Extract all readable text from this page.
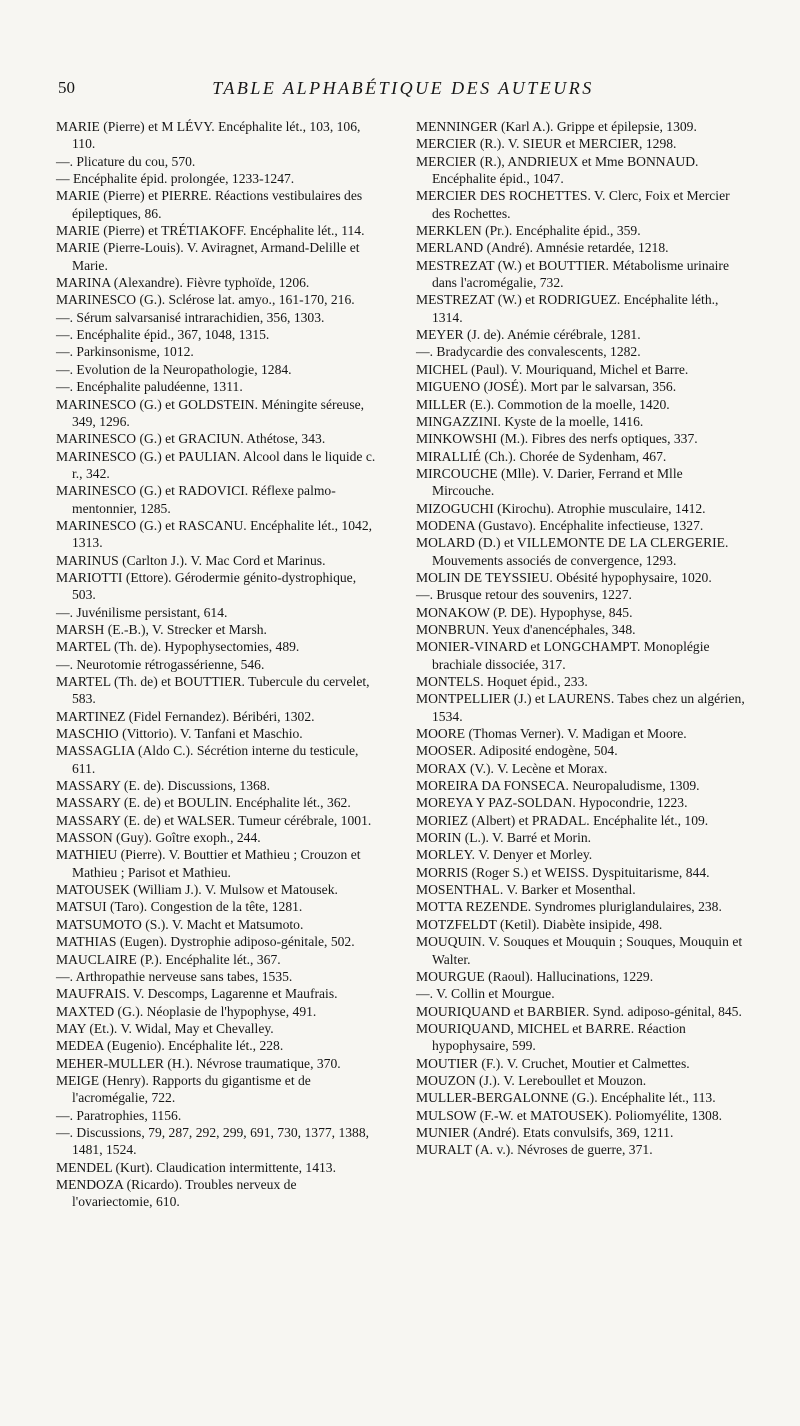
50	TABLE ALPHABÉTIQUE DES AUTEURS

MARIE (Pierre) et M LÉVY. Encéphalite lét., 103, 106, 110.

—. Plicature du cou, 570.

— Encéphalite épid. prolongée, 1233-1247.

MARIE (Pierre) et PIERRE. Réactions vestibulaires des épileptiques, 86.

MARIE (Pierre) et TRÉTIAKOFF. Encéphalite lét., 114.

MARIE (Pierre-Louis). V. Aviragnet, Armand-Delille et Marie.

MARINA (Alexandre). Fièvre typhoïde, 1206.

MARINESCO (G.). Sclérose lat. amyo., 161-170, 216.

—. Sérum salvarsanisé intrarachidien, 356, 1303.

—. Encéphalite épid., 367, 1048, 1315.

—. Parkinsonisme, 1012.

—. Evolution de la Neuropathologie, 1284.

—. Encéphalite paludéenne, 1311.

MARINESCO (G.) et GOLDSTEIN. Méningite séreuse, 349, 1296.

MARINESCO (G.) et GRACIUN. Athétose, 343.

MARINESCO (G.) et PAULIAN. Alcool dans le liquide c. r., 342.

MARINESCO (G.) et RADOVICI. Réflexe palmo-mentonnier, 1285.

MARINESCO (G.) et RASCANU. Encéphalite lét., 1042, 1313.

MARINUS (Carlton J.). V. Mac Cord et Marinus.

MARIOTTI (Ettore). Gérodermie génito-dystrophique, 503.

—. Juvénilisme persistant, 614.

MARSH (E.-B.), V. Strecker et Marsh.

MARTEL (Th. de). Hypophysectomies, 489.

—. Neurotomie rétrogassérienne, 546.

MARTEL (Th. de) et BOUTTIER. Tubercule du cervelet, 583.

MARTINEZ (Fidel Fernandez). Béribéri, 1302.

MASCHIO (Vittorio). V. Tanfani et Maschio.

MASSAGLIA (Aldo C.). Sécrétion interne du testicule, 611.

MASSARY (E. de). Discussions, 1368.

MASSARY (E. de) et BOULIN. Encéphalite lét., 362.

MASSARY (E. de) et WALSER. Tumeur cérébrale, 1001.

MASSON (Guy). Goître exoph., 244.

MATHIEU (Pierre). V. Bouttier et Mathieu ; Crouzon et Mathieu ; Parisot et Mathieu.

MATOUSEK (William J.). V. Mulsow et Matousek.

MATSUI (Taro). Congestion de la tête, 1281.

MATSUMOTO (S.). V. Macht et Matsumoto.

MATHIAS (Eugen). Dystrophie adiposo-génitale, 502.

MAUCLAIRE (P.). Encéphalite lét., 367.

—. Arthropathie nerveuse sans tabes, 1535.

MAUFRAIS. V. Descomps, Lagarenne et Maufrais.

MAXTED (G.). Néoplasie de l'hypophyse, 491.

MAY (Et.). V. Widal, May et Chevalley.

MEDEA (Eugenio). Encéphalite lét., 228.

MEHER-MULLER (H.). Névrose traumatique, 370.

MEIGE (Henry). Rapports du gigantisme et de l'acromégalie, 722.

—. Paratrophies, 1156.

—. Discussions, 79, 287, 292, 299, 691, 730, 1377, 1388, 1481, 1524.

MENDEL (Kurt). Claudication intermittente, 1413.

MENDOZA (Ricardo). Troubles nerveux de l'ovariectomie, 610.

MENNINGER (Karl A.). Grippe et épilepsie, 1309.

MERCIER (R.). V. SIEUR et MERCIER, 1298.

MERCIER (R.), ANDRIEUX et Mme BONNAUD. Encéphalite épid., 1047.

MERCIER DES ROCHETTES. V. Clerc, Foix et Mercier des Rochettes.

MERKLEN (Pr.). Encéphalite épid., 359.

MERLAND (André). Amnésie retardée, 1218.

MESTREZAT (W.) et BOUTTIER. Métabolisme urinaire dans l'acromégalie, 732.

MESTREZAT (W.) et RODRIGUEZ. Encéphalite léth., 1314.

MEYER (J. de). Anémie cérébrale, 1281.

—. Bradycardie des convalescents, 1282.

MICHEL (Paul). V. Mouriquand, Michel et Barre.

MIGUENO (JOSÉ). Mort par le salvarsan, 356.

MILLER (E.). Commotion de la moelle, 1420.

MINGAZZINI. Kyste de la moelle, 1416.

MINKOWSHI (M.). Fibres des nerfs optiques, 337.

MIRALLIÉ (Ch.). Chorée de Sydenham, 467.

MIRCOUCHE (Mlle). V. Darier, Ferrand et Mlle Mircouche.

MIZOGUCHI (Kirochu). Atrophie musculaire, 1412.

MODENA (Gustavo). Encéphalite infectieuse, 1327.

MOLARD (D.) et VILLEMONTE DE LA CLERGERIE. Mouvements associés de convergence, 1293.

MOLIN DE TEYSSIEU. Obésité hypophysaire, 1020.

—. Brusque retour des souvenirs, 1227.

MONAKOW (P. DE). Hypophyse, 845.

MONBRUN. Yeux d'anencéphales, 348.

MONIER-VINARD et LONGCHAMPT. Monoplégie brachiale dissociée, 317.

MONTELS. Hoquet épid., 233.

MONTPELLIER (J.) et LAURENS. Tabes chez un algérien, 1534.

MOORE (Thomas Verner). V. Madigan et Moore.

MOOSER. Adiposité endogène, 504.

MORAX (V.). V. Lecène et Morax.

MOREIRA DA FONSECA. Neuropaludisme, 1309.

MOREYA Y PAZ-SOLDAN. Hypocondrie, 1223.

MORIEZ (Albert) et PRADAL. Encéphalite lét., 109.

MORIN (L.). V. Barré et Morin.

MORLEY. V. Denyer et Morley.

MORRIS (Roger S.) et WEISS. Dyspituitarisme, 844.

MOSENTHAL. V. Barker et Mosenthal.

MOTTA REZENDE. Syndromes pluriglandulaires, 238.

MOTZFELDT (Ketil). Diabète insipide, 498.

MOUQUIN. V. Souques et Mouquin ; Souques, Mouquin et Walter.

MOURGUE (Raoul). Hallucinations, 1229.

—. V. Collin et Mourgue.

MOURIQUAND et BARBIER. Synd. adiposo-génital, 845.

MOURIQUAND, MICHEL et BARRE. Réaction hypophysaire, 599.

MOUTIER (F.). V. Cruchet, Moutier et Calmettes.

MOUZON (J.). V. Lereboullet et Mouzon.

MULLER-BERGALONNE (G.). Encéphalite lét., 113.

MULSOW (F.-W. et MATOUSEK). Poliomyélite, 1308.

MUNIER (André). Etats convulsifs, 369, 1211.

MURALT (A. v.). Névroses de guerre, 371.
